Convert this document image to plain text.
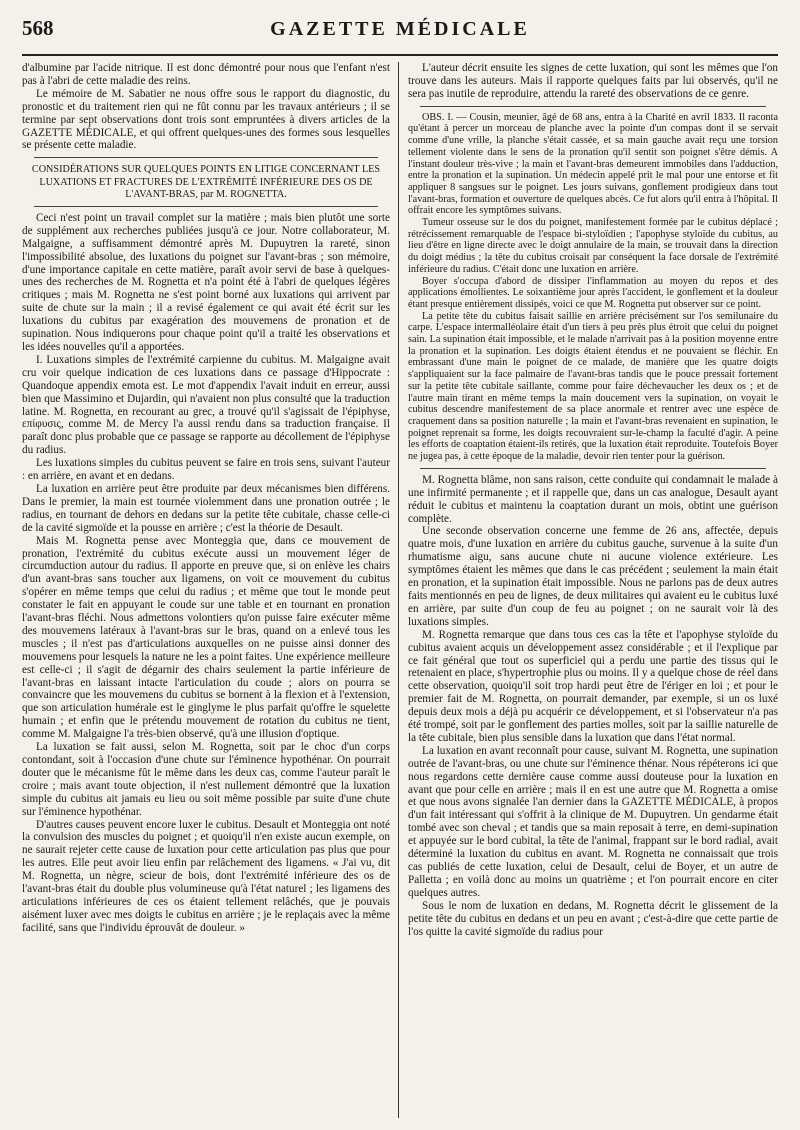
568	GAZETTE MÉDICALE

d'albumine par l'acide nitrique. Il est donc démontré pour nous que l'enfant n'est pas à l'abri de cette maladie des reins.

Le mémoire de M. Sabatier ne nous offre sous le rapport du diagnostic, du pronostic et du traitement rien qui ne fût connu par les travaux antérieurs ; il se termine par sept observations dont trois sont empruntées à divers articles de la GAZETTE MÉDICALE, et qui offrent quelques-unes des formes sous lesquelles se présente cette maladie.

CONSIDÉRATIONS SUR QUELQUES POINTS EN LITIGE CONCERNANT LES LUXATIONS ET FRACTURES DE L'EXTRÉMITÉ INFÉRIEURE DES OS DE L'AVANT-BRAS, par M. ROGNETTA.

Ceci n'est point un travail complet sur la matière ; mais bien plutôt une sorte de supplément aux recherches publiées jusqu'à ce jour. Notre collaborateur, M. Malgaigne, a suffisamment démontré après M. Dupuytren la rareté, sinon l'impossibilité absolue, des luxations du poignet sur l'avant-bras ; son mémoire, d'une importance capitale en cette matière, paraît avoir servi de base à quelques-unes des recherches de M. Rognetta et n'a point été à l'abri de quelques légères critiques ; mais M. Rognetta ne s'est point borné aux luxations qui arrivent par suite de chute sur la main ; il a revisé également ce qui avait été écrit sur les luxations du cubitus par exagération des mouvemens de pronation et de supination. Nous indiquerons pour chaque point qu'il a traité les observations et les idées nouvelles qu'il a apportées.

I. Luxations simples de l'extrémité carpienne du cubitus. M. Malgaigne avait cru voir quelque indication de ces luxations dans ce passage d'Hippocrate : Quandoque appendix emota est. Le mot d'appendix l'avait induit en erreur, aussi bien que Massimino et Dujardin, qui n'avaient non plus consulté que la traduction latine. M. Rognetta, en recourant au grec, a trouvé qu'il s'agissait de l'épiphyse, επίφυσις, comme M. de Mercy l'a aussi rendu dans sa traduction française. Il paraît donc plus probable que ce passage se rapporte au décollement de l'épiphyse du radius.

Les luxations simples du cubitus peuvent se faire en trois sens, suivant l'auteur : en arrière, en avant et en dedans.

La luxation en arrière peut être produite par deux mécanismes bien différens. Dans le premier, la main est tournée violemment dans une pronation outrée ; le radius, en tournant de dehors en dedans sur la petite tête cubitale, chasse celle-ci de la cavité sigmoïde et la pousse en arrière ; c'est la théorie de Desault.

Mais M. Rognetta pense avec Monteggia que, dans ce mouvement de pronation, l'extrémité du cubitus exécute aussi un mouvement léger de circumduction autour du radius. Il apporte en preuve que, si on enlève les chairs d'un avant-bras sans toucher aux ligamens, on voit ce mouvement du cubitus s'opérer en même temps que celui du radius ; et même que tout le monde peut constater le fait en appuyant le coude sur une table et en tournant en pronation l'avant-bras fléchi. Nous admettons volontiers qu'on puisse faire exécuter même des mouvemens latéraux à l'avant-bras sur le bras, quand on a enlevé tous les muscles ; il n'est pas d'articulations auxquelles on ne puisse ainsi donner des mouvemens pour lesquels la nature ne les a point faites. Une expérience meilleure est celle-ci ; il s'agit de dégarnir des chairs seulement la partie inférieure de l'avant-bras en laissant intacte l'articulation du coude ; alors on pourra se convaincre que les mouvemens du cubitus se bornent à la flexion et à l'extension, que son articulation humérale est le ginglyme le plus parfait qu'offre le squelette humain ; et enfin que le prétendu mouvement de rotation du cubitus ne tient, comme M. Malgaigne l'a très-bien observé, qu'à une illusion d'optique.

La luxation se fait aussi, selon M. Rognetta, soit par le choc d'un corps contondant, soit à l'occasion d'une chute sur l'éminence hypothénar. On pourrait douter que le mécanisme fût le même dans les deux cas, comme l'auteur paraît le croire ; mais avant toute objection, il n'est nullement démontré que la luxation simple du cubitus ait jamais eu lieu ou soit même possible par suite d'une chute sur l'éminence hypothénar.

D'autres causes peuvent encore luxer le cubitus. Desault et Monteggia ont noté la convulsion des muscles du poignet ; et quoiqu'il n'en existe aucun exemple, on ne saurait rejeter cette cause de luxation pour cette articulation pas plus que pour les autres. Elle peut avoir lieu enfin par relâchement des ligamens. « J'ai vu, dit M. Rognetta, un nègre, scieur de bois, dont l'extrémité inférieure des os de l'avant-bras était du double plus volumineuse qu'à l'état naturel ; les ligamens des articulations inférieures de ces os étaient tellement relâchés, que je pouvais aisément luxer avec mes doigts le cubitus en arrière ; je le replaçais avec la même facilité, sans que l'individu éprouvât de douleur. »

L'auteur décrit ensuite les signes de cette luxation, qui sont les mêmes que l'on trouve dans les auteurs. Mais il rapporte quelques faits par lui observés, qu'il ne sera pas inutile de reproduire, attendu la rareté des observations de ce genre.

OBS. I. — Cousin, meunier, âgé de 68 ans, entra à la Charité en avril 1833. Il raconta qu'étant à percer un morceau de planche avec la pointe d'un compas dont il se servait comme d'une vrille, la planche s'était cassée, et sa main gauche avait reçu une torsion tellement violente dans le sens de la pronation qu'il sentit son poignet s'être démis. A l'instant douleur très-vive ; la main et l'avant-bras demeurent immobiles dans l'adduction, entre la pronation et la supination. Un médecin appelé prit le mal pour une entorse et fit appliquer 8 sangsues sur le poignet. Les jours suivans, gonflement prodigieux dans tout l'avant-bras, formation et ouverture de quelques abcès. Ce fut alors qu'il entra à l'hôpital. Il offrait encore les symptômes suivans.

Tumeur osseuse sur le dos du poignet, manifestement formée par le cubitus déplacé ; rétrécissement remarquable de l'espace bi-styloïdien ; l'apophyse styloïde du cubitus, au lieu d'être en ligne directe avec le doigt annulaire de la main, se trouvait dans la direction du doigt médius ; la tête du cubitus croisait par conséquent la face dorsale de l'extrémité inférieure du radius. C'était donc une luxation en arrière.

Boyer s'occupa d'abord de dissiper l'inflammation au moyen du repos et des applications émollientes. Le soixantième jour après l'accident, le gonflement et la douleur étant presque entièrement dissipés, voici ce que M. Rognetta put observer sur ce point.

La petite tête du cubitus faisait saillie en arrière précisément sur l'os semilunaire du carpe. L'espace intermalléolaire était d'un tiers à peu près plus étroit que celui du poignet sain. La supination était impossible, et le malade n'arrivait pas à la position moyenne entre la pronation et la supination. Les doigts étaient étendus et ne pouvaient se fléchir. En embrassant d'une main le poignet de ce malade, de manière que les quatre doigts s'appliquaient sur la face palmaire de l'avant-bras tandis que le pouce pressait fortement sur la petite tête cubitale saillante, comme pour faire déchevaucher les deux os ; et de l'autre main tirant en même temps la main doucement vers la supination, on voyait le cubitus descendre manifestement de sa place anormale et rentrer avec une espèce de craquement dans sa position naturelle ; la main et l'avant-bras revenaient en supination, le poignet reprenait sa forme, les doigts recouvraient sur-le-champ la faculté d'agir. A peine les efforts de coaptation étaient-ils retirés, que la luxation était reproduite. Toutefois Boyer ne jugea pas, à cette époque de la maladie, devoir rien tenter pour la guérison.

M. Rognetta blâme, non sans raison, cette conduite qui condamnait le malade à une infirmité permanente ; et il rappelle que, dans un cas analogue, Desault ayant réduit le cubitus et maintenu la coaptation durant un mois, obtint une guérison complète.

Une seconde observation concerne une femme de 26 ans, affectée, depuis quatre mois, d'une luxation en arrière du cubitus gauche, survenue à la suite d'un rhumatisme aigu, sans aucune chute ni aucune violence extérieure. Les symptômes étaient les mêmes que dans le cas précédent ; seulement la main était en pronation, et la supination était impossible. Nous ne parlons pas de deux autres faits mentionnés en peu de lignes, de deux militaires qui avaient eu le cubitus luxé en arrière, par suite d'un coup de feu au poignet ; on ne saurait voir là des luxations simples.

M. Rognetta remarque que dans tous ces cas la tête et l'apophyse styloïde du cubitus avaient acquis un développement assez considérable ; et il l'explique par ce fait général que tout os superficiel qui a perdu une partie des tissus qui le retenaient en place, s'hypertrophie plus ou moins. Il y a quelque chose de réel dans cette observation, quoiqu'il soit trop hardi peut être de l'ériger en loi ; et pour le premier fait de M. Rognetta, on pourrait demander, par exemple, si un os luxé depuis deux mois a déjà pu acquérir ce développement, et si l'observateur n'a pas été trompé, soit par le gonflement des parties molles, soit par la saillie naturelle de la tête cubitale, bien plus sensible dans la luxation que dans l'état normal.

La luxation en avant reconnaît pour cause, suivant M. Rognetta, une supination outrée de l'avant-bras, ou une chute sur l'éminence thénar. Nous répéterons ici que nous regardons cette dernière cause comme aussi douteuse pour la luxation en avant que pour celle en arrière ; mais il en est une autre que M. Rognetta a omise et que nous avons signalée l'an dernier dans la GAZETTE MÉDICALE, à propos d'un fait intéressant qui s'offrit à la clinique de M. Dupuytren. Un gendarme était tombé avec son cheval ; et tandis que sa main reposait à terre, en demi-supination et appuyée sur le bord cubital, la tête de l'animal, frappant sur le bord radial, avait déterminé la luxation du cubitus en avant. M. Rognetta ne connaissait que trois cas publiés de cette luxation, celui de Desault, celui de Boyer, et un autre de Palletta ; en voilà donc au moins un quatrième ; et l'on pourrait encore en citer quelques autres.

Sous le nom de luxation en dedans, M. Rognetta décrit le glissement de la petite tête du cubitus en dedans et un peu en avant ; c'est-à-dire que cette partie de l'os quitte la cavité sigmoïde du radius pour
